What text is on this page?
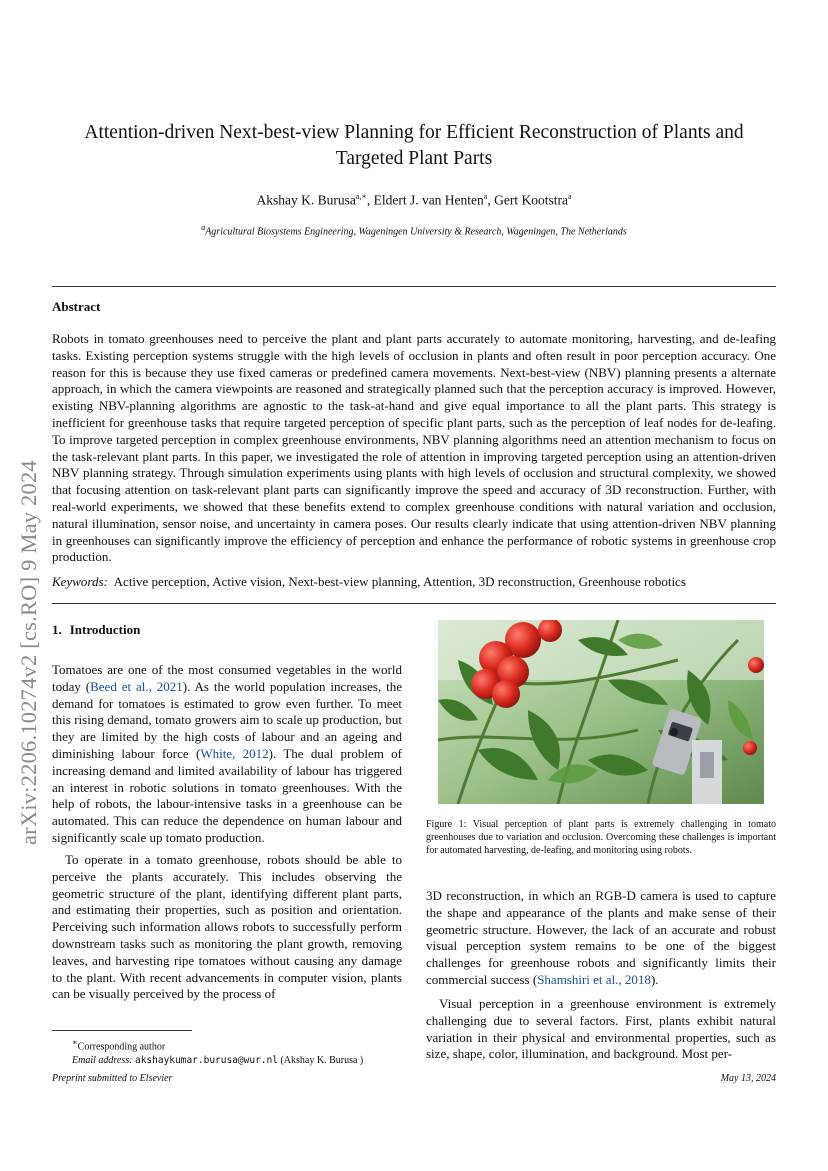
Attention-driven Next-best-view Planning for Efficient Reconstruction of Plants and Targeted Plant Parts
Akshay K. Burusa$^{a,∗}$, Eldert J. van Henten$^a$, Gert Kootstra$^a$
$^a$Agricultural Biosystems Engineering, Wageningen University & Research, Wageningen, The Netherlands
arXiv:2206.10274v2 [cs.RO] 9 May 2024
Abstract
Robots in tomato greenhouses need to perceive the plant and plant parts accurately to automate monitoring, harvesting, and de-leafing tasks. Existing perception systems struggle with the high levels of occlusion in plants and often result in poor perception accuracy. One reason for this is because they use fixed cameras or predefined camera movements. Next-best-view (NBV) planning presents a alternate approach, in which the camera viewpoints are reasoned and strategically planned such that the perception accuracy is improved. However, existing NBV-planning algorithms are agnostic to the task-at-hand and give equal importance to all the plant parts. This strategy is inefficient for greenhouse tasks that require targeted perception of specific plant parts, such as the perception of leaf nodes for de-leafing. To improve targeted perception in complex greenhouse environments, NBV planning algorithms need an attention mechanism to focus on the task-relevant plant parts. In this paper, we investigated the role of attention in improving targeted perception using an attention-driven NBV planning strategy. Through simulation experiments using plants with high levels of occlusion and structural complexity, we showed that focusing attention on task-relevant plant parts can significantly improve the speed and accuracy of 3D reconstruction. Further, with real-world experiments, we showed that these benefits extend to complex greenhouse conditions with natural variation and occlusion, natural illumination, sensor noise, and uncertainty in camera poses. Our results clearly indicate that using attention-driven NBV planning in greenhouses can significantly improve the efficiency of perception and enhance the performance of robotic systems in greenhouse crop production.
Keywords: Active perception, Active vision, Next-best-view planning, Attention, 3D reconstruction, Greenhouse robotics
1. Introduction
Tomatoes are one of the most consumed vegetables in the world today (Beed et al., 2021). As the world population increases, the demand for tomatoes is estimated to grow even further. To meet this rising demand, tomato growers aim to scale up production, but they are limited by the high costs of labour and an ageing and diminishing labour force (White, 2012). The dual problem of increasing demand and limited availability of labour has triggered an interest in robotic solutions in tomato greenhouses. With the help of robots, the labour-intensive tasks in a greenhouse can be automated. This can reduce the dependence on human labour and significantly scale up tomato production.
To operate in a tomato greenhouse, robots should be able to perceive the plants accurately. This includes observing the geometric structure of the plant, identifying different plant parts, and estimating their properties, such as position and orientation. Perceiving such information allows robots to successfully perform downstream tasks such as monitoring the plant growth, removing leaves, and harvesting ripe tomatoes without causing any damage to the plant. With recent advancements in computer vision, plants can be visually perceived by the process of
Figure 1: Visual perception of plant parts is extremely challenging in tomato greenhouses due to variation and occlusion. Overcoming these challenges is important for automated harvesting, de-leafing, and monitoring using robots.
3D reconstruction, in which an RGB-D camera is used to capture the shape and appearance of the plants and make sense of their geometric structure. However, the lack of an accurate and robust visual perception system remains to be one of the biggest challenges for greenhouse robots and significantly limits their commercial success (Shamshiri et al., 2018).
Visual perception in a greenhouse environment is extremely challenging due to several factors. First, plants exhibit natural variation in their physical and environmental properties, such as size, shape, color, illumination, and background. Most per-
∗Corresponding author
Email address: akshaykumar.burusa@wur.nl (Akshay K. Burusa )
Preprint submitted to Elsevier	May 13, 2024
